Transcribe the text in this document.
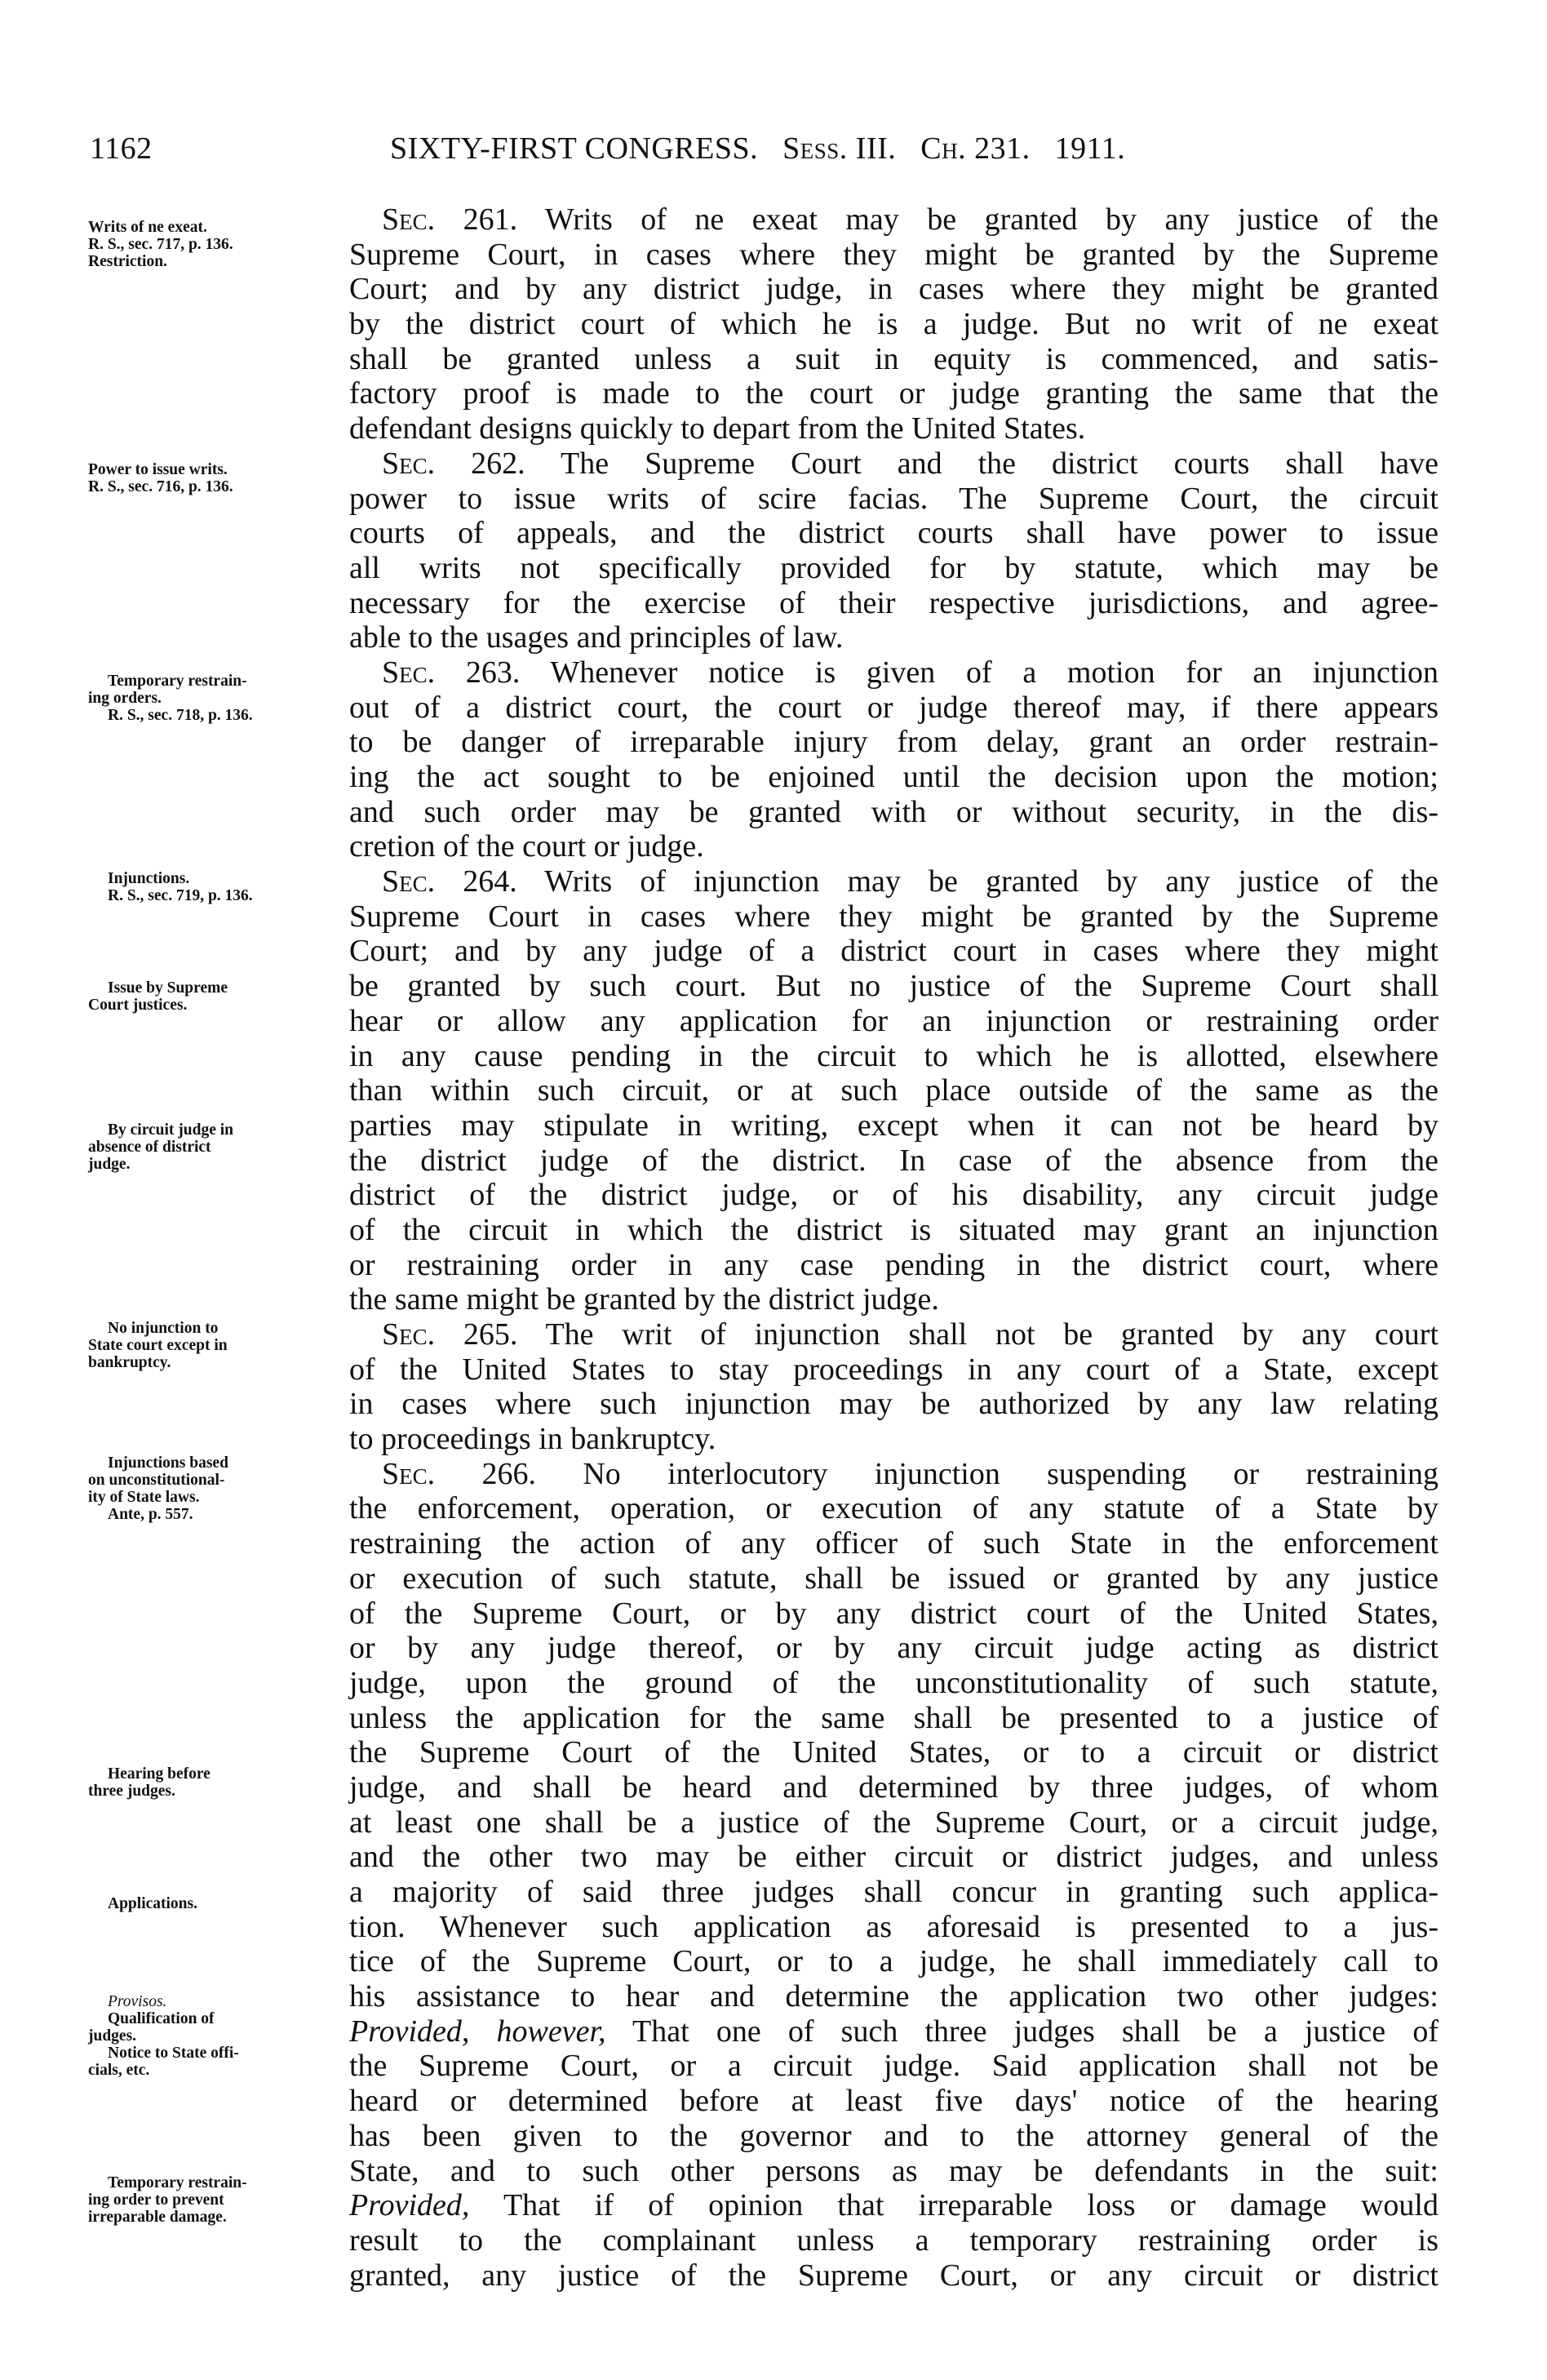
1162	SIXTY-FIRST CONGRESS. Sess. III. Ch. 231. 1911.
Writs of ne exeat.
R. S., sec. 717, p. 136.
Restriction.
Power to issue writs.
R. S., sec. 716, p. 136.
Temporary restrain-
ing orders.
R. S., sec. 718, p. 136.
Injunctions.
R. S., sec. 719, p. 136.
Issue by Supreme
Court justices.
By circuit judge in
absence of district
judge.
No injunction to
State court except in
bankruptcy.
Injunctions based
on unconstitutional-
ity of State laws.
Ante, p. 557.
Hearing before
three judges.
Applications.
Provisos.
Qualification of
judges.
Notice to State offi-
cials, etc.
Temporary restrain-
ing order to prevent
irreparable damage.
Sec. 261. Writs of ne exeat may be granted by any justice of the
Supreme Court, in cases where they might be granted by the Supreme
Court; and by any district judge, in cases where they might be granted
by the district court of which he is a judge. But no writ of ne exeat
shall be granted unless a suit in equity is commenced, and satis-
factory proof is made to the court or judge granting the same that the
defendant designs quickly to depart from the United States.
Sec. 262. The Supreme Court and the district courts shall have
power to issue writs of scire facias. The Supreme Court, the circuit
courts of appeals, and the district courts shall have power to issue
all writs not specifically provided for by statute, which may be
necessary for the exercise of their respective jurisdictions, and agree-
able to the usages and principles of law.
Sec. 263. Whenever notice is given of a motion for an injunction
out of a district court, the court or judge thereof may, if there appears
to be danger of irreparable injury from delay, grant an order restrain-
ing the act sought to be enjoined until the decision upon the motion;
and such order may be granted with or without security, in the dis-
cretion of the court or judge.
Sec. 264. Writs of injunction may be granted by any justice of the
Supreme Court in cases where they might be granted by the Supreme
Court; and by any judge of a district court in cases where they might
be granted by such court. But no justice of the Supreme Court shall
hear or allow any application for an injunction or restraining order
in any cause pending in the circuit to which he is allotted, elsewhere
than within such circuit, or at such place outside of the same as the
parties may stipulate in writing, except when it can not be heard by
the district judge of the district. In case of the absence from the
district of the district judge, or of his disability, any circuit judge
of the circuit in which the district is situated may grant an injunction
or restraining order in any case pending in the district court, where
the same might be granted by the district judge.
Sec. 265. The writ of injunction shall not be granted by any court
of the United States to stay proceedings in any court of a State, except
in cases where such injunction may be authorized by any law relating
to proceedings in bankruptcy.
Sec. 266. No interlocutory injunction suspending or restraining
the enforcement, operation, or execution of any statute of a State by
restraining the action of any officer of such State in the enforcement
or execution of such statute, shall be issued or granted by any justice
of the Supreme Court, or by any district court of the United States,
or by any judge thereof, or by any circuit judge acting as district
judge, upon the ground of the unconstitutionality of such statute,
unless the application for the same shall be presented to a justice of
the Supreme Court of the United States, or to a circuit or district
judge, and shall be heard and determined by three judges, of whom
at least one shall be a justice of the Supreme Court, or a circuit judge,
and the other two may be either circuit or district judges, and unless
a majority of said three judges shall concur in granting such applica-
tion. Whenever such application as aforesaid is presented to a jus-
tice of the Supreme Court, or to a judge, he shall immediately call to
his assistance to hear and determine the application two other judges:
Provided, however, That one of such three judges shall be a justice of
the Supreme Court, or a circuit judge. Said application shall not be
heard or determined before at least five days' notice of the hearing
has been given to the governor and to the attorney general of the
State, and to such other persons as may be defendants in the suit:
Provided, That if of opinion that irreparable loss or damage would
result to the complainant unless a temporary restraining order is
granted, any justice of the Supreme Court, or any circuit or district
